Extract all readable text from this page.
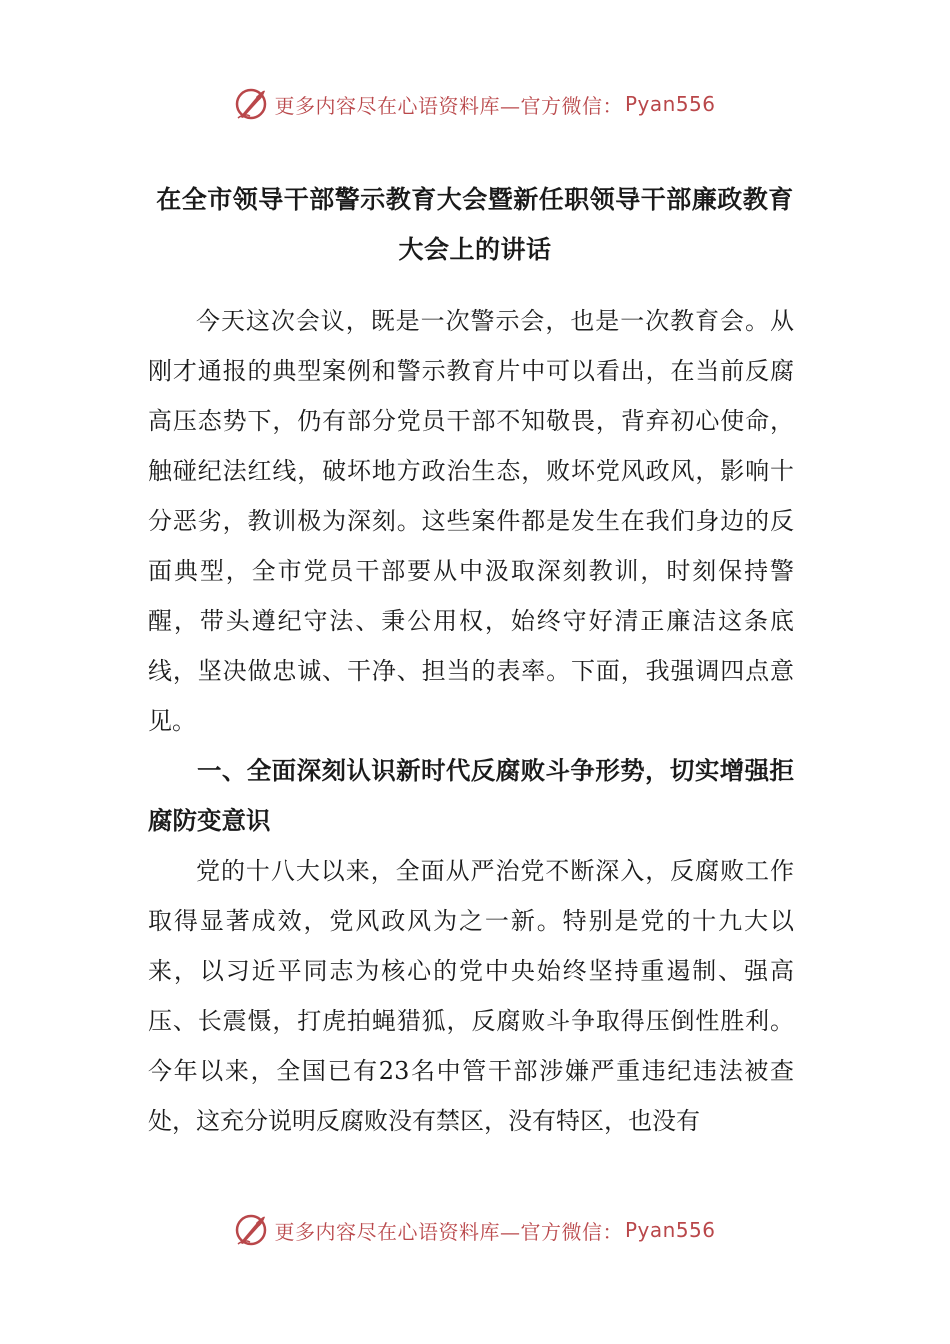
更多内容尽在心语资料库—官方微信： Pyan556
在全市领导干部警示教育大会暨新任职领导干部廉政教育
大会上的讲话

今天这次会议，既是一次警示会，也是一次教育会。从刚才通报的典型案例和警示教育片中可以看出，在当前反腐高压态势下，仍有部分党员干部不知敬畏，背弃初心使命，触碰纪法红线，破坏地方政治生态，败坏党风政风，影响十分恶劣，教训极为深刻。这些案件都是发生在我们身边的反面典型，全市党员干部要从中汲取深刻教训，时刻保持警醒，带头遵纪守法、秉公用权，始终守好清正廉洁这条底线，坚决做忠诚、干净、担当的表率。下面，我强调四点意见。

一、全面深刻认识新时代反腐败斗争形势，切实增强拒腐防变意识

党的十八大以来，全面从严治党不断深入，反腐败工作取得显著成效，党风政风为之一新。特别是党的十九大以来，以习近平同志为核心的党中央始终坚持重遏制、强高压、长震慑，打虎拍蝇猎狐，反腐败斗争取得压倒性胜利。今年以来，全国已有23名中管干部涉嫌严重违纪违法被查处，这充分说明反腐败没有禁区，没有特区，也没有

更多内容尽在心语资料库—官方微信： Pyan556
